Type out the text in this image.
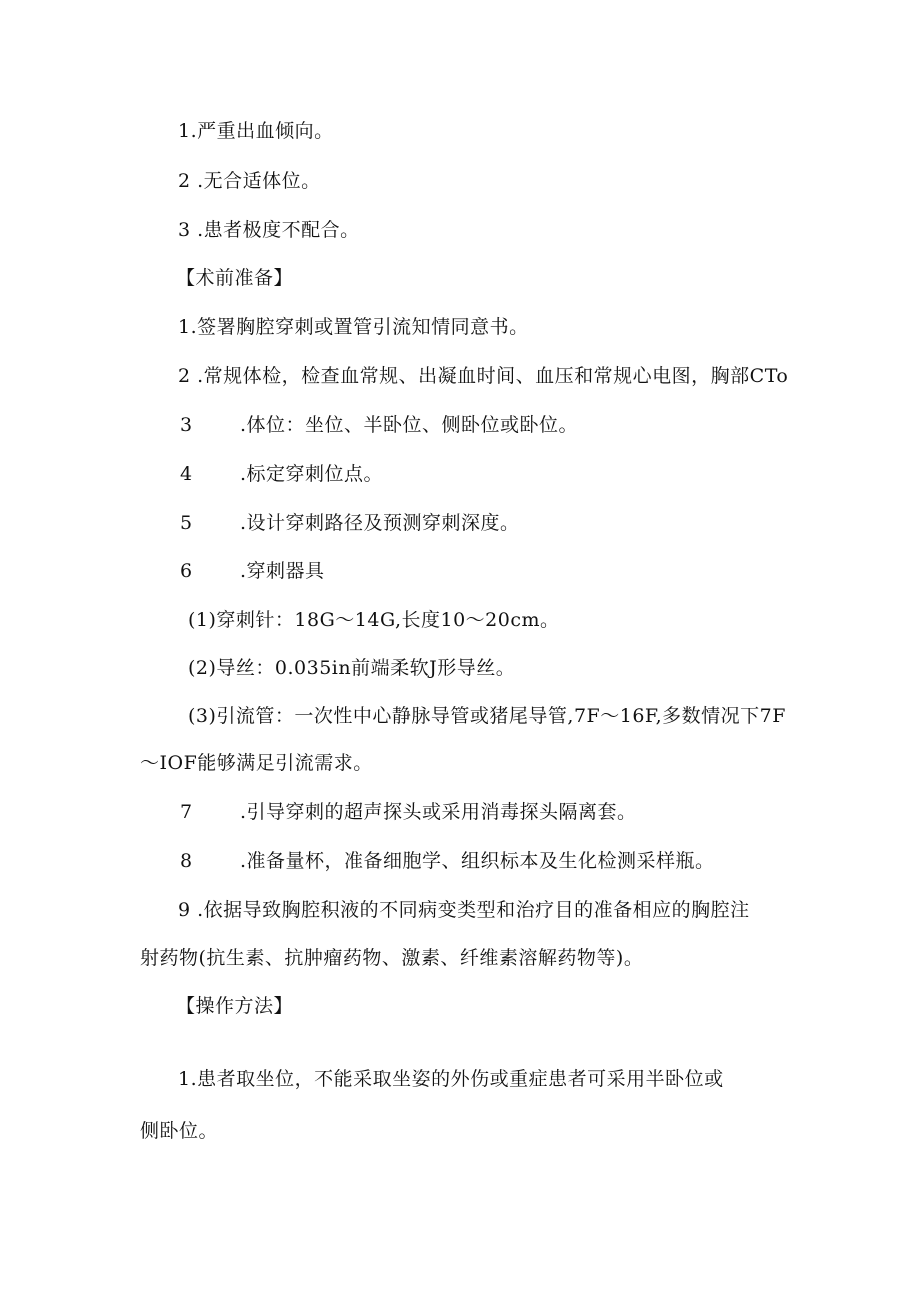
1.严重出血倾向。
2 .无合适体位。
3 .患者极度不配合。
【术前准备】
1.签署胸腔穿刺或置管引流知情同意书。
2 .常规体检，检查血常规、出凝血时间、血压和常规心电图，胸部CTo
3 .体位：坐位、半卧位、侧卧位或卧位。
4 .标定穿刺位点。
5 .设计穿刺路径及预测穿刺深度。
6 .穿刺器具
(1)穿刺针：18G〜14G,长度10〜20cm。
(2)导丝：0.035in前端柔软J形导丝。
(3)引流管：一次性中心静脉导管或猪尾导管,7F〜16F,多数情况下7F
〜IOF能够满足引流需求。
7 .引导穿刺的超声探头或采用消毒探头隔离套。
8 .准备量杯，准备细胞学、组织标本及生化检测采样瓶。
9 .依据导致胸腔积液的不同病变类型和治疗目的准备相应的胸腔注
射药物(抗生素、抗肿瘤药物、激素、纤维素溶解药物等)。
【操作方法】
1.患者取坐位，不能采取坐姿的外伤或重症患者可采用半卧位或
侧卧位。
